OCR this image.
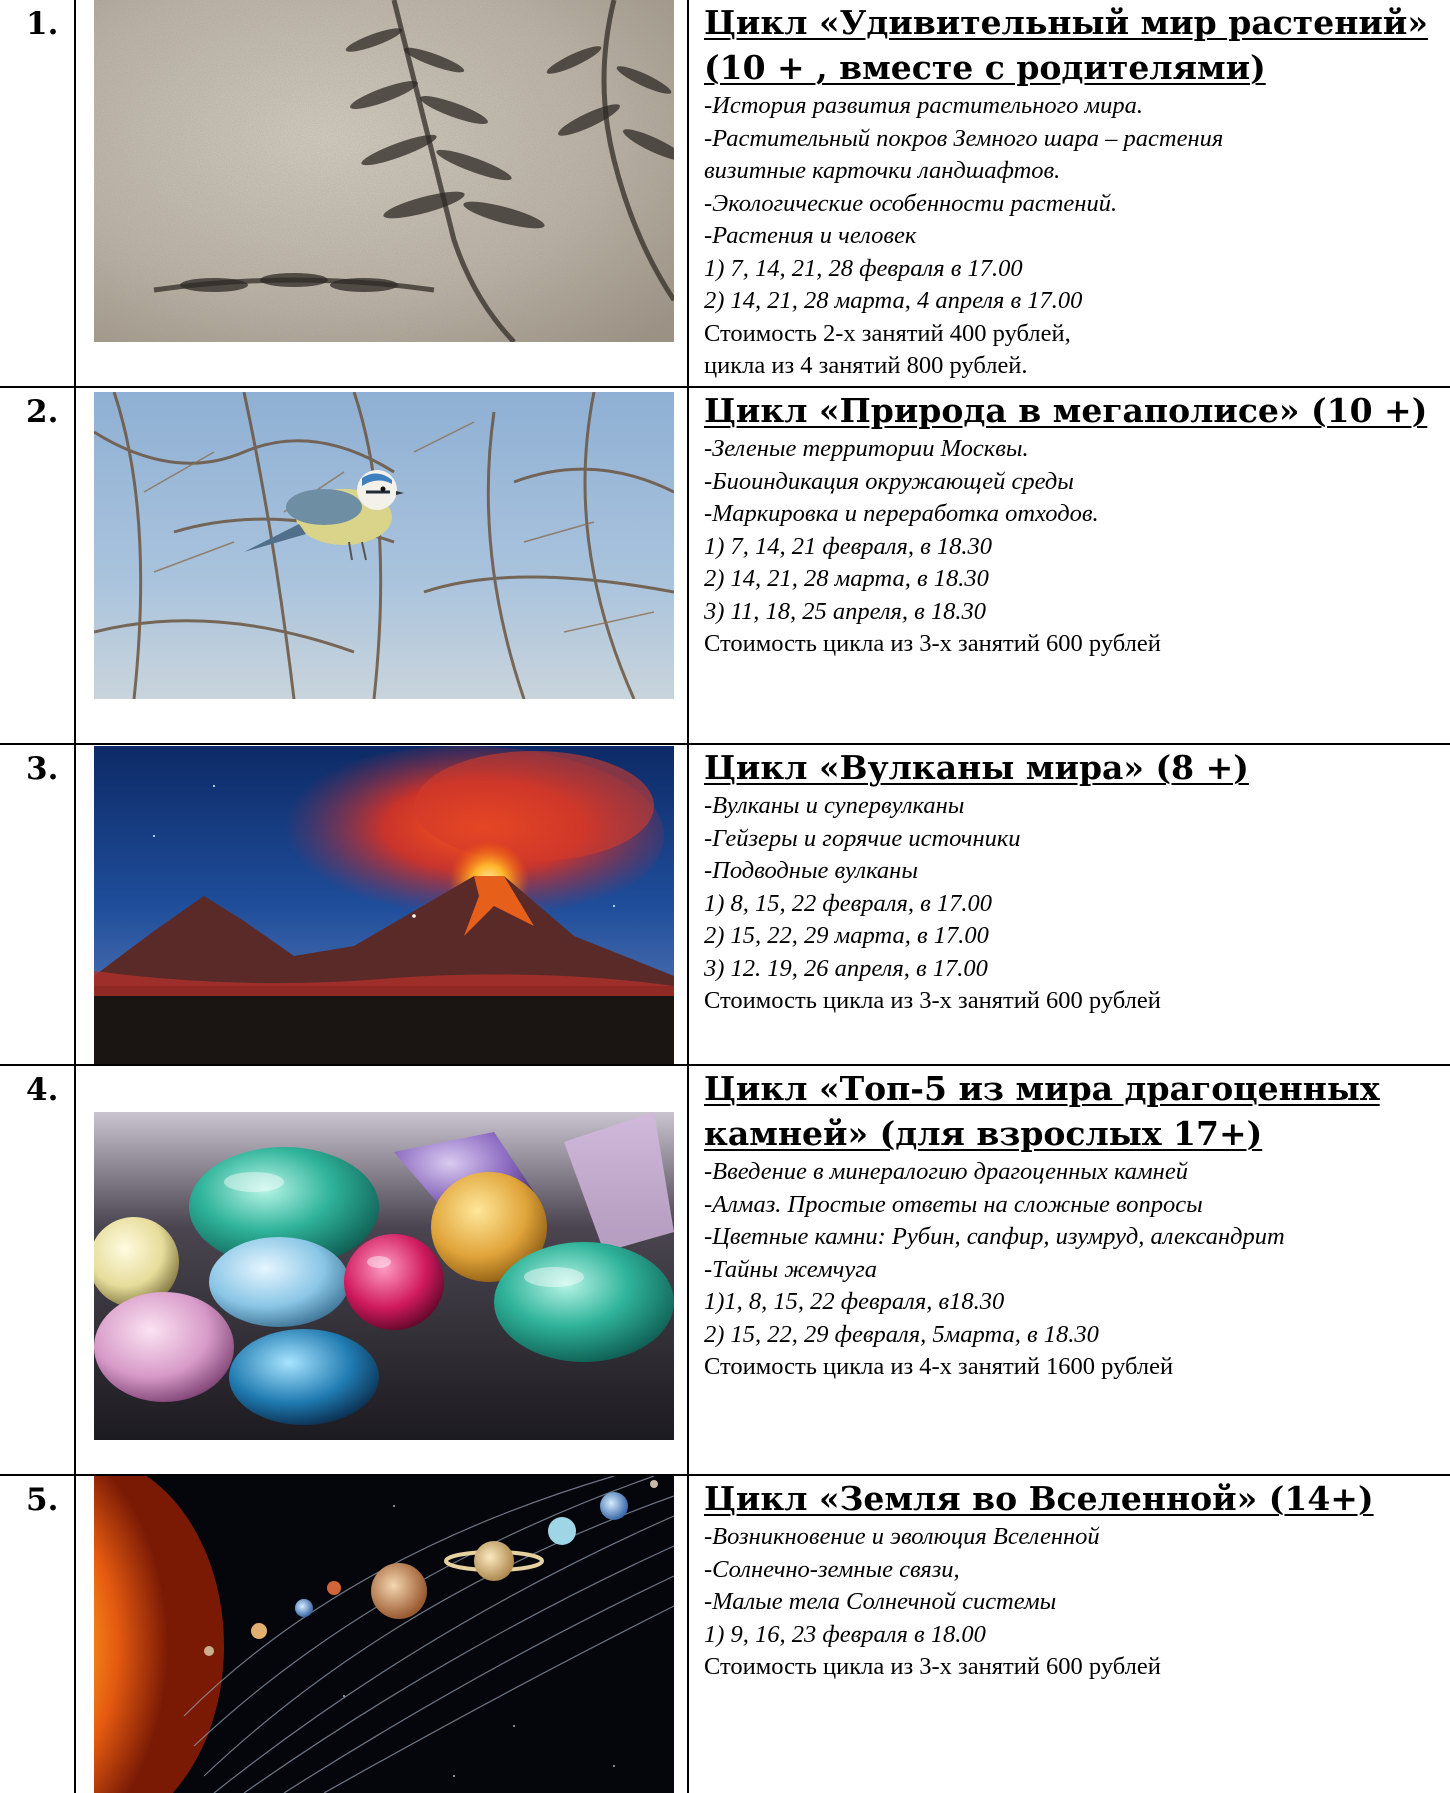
1.	Цикл «Удивительный мир растений»
(10 + , вместе с родителями)
-История развития растительного мира.
-Растительный покров Земного шара – растения
визитные карточки ландшафтов.
-Экологические особенности растений.
-Растения и человек
1) 7, 14, 21, 28 февраля в 17.00
2) 14, 21, 28 марта, 4 апреля в 17.00
Стоимость 2-х занятий 400 рублей,
цикла из 4 занятий 800 рублей.
2.	Цикл «Природа в мегаполисе» (10 +)
-Зеленые территории Москвы.
-Биоиндикация окружающей среды
-Маркировка и переработка отходов.
1) 7, 14, 21 февраля, в 18.30
2) 14, 21, 28 марта, в 18.30
3) 11, 18, 25 апреля, в 18.30
Стоимость цикла из 3-х занятий 600 рублей
3.	Цикл «Вулканы мира» (8 +)
-Вулканы и супервулканы
-Гейзеры и горячие источники
-Подводные вулканы
1) 8, 15, 22 февраля, в 17.00
2) 15, 22, 29 марта, в 17.00
3) 12. 19, 26 апреля, в 17.00
Стоимость цикла из 3-х занятий 600 рублей
4.	Цикл «Топ-5 из мира драгоценных
камней» (для взрослых 17+)
-Введение в минералогию драгоценных камней
-Алмаз. Простые ответы на сложные вопросы
-Цветные камни: Рубин, сапфир, изумруд, александрит
-Тайны жемчуга
1)1, 8, 15, 22 февраля, в18.30
2) 15, 22, 29 февраля, 5марта, в 18.30
Стоимость цикла из 4-х занятий 1600 рублей
5.	Цикл «Земля во Вселенной» (14+)
-Возникновение и эволюция Вселенной
-Солнечно-земные связи,
-Малые тела Солнечной системы
1) 9, 16, 23 февраля в 18.00
Стоимость цикла из 3-х занятий 600 рублей
